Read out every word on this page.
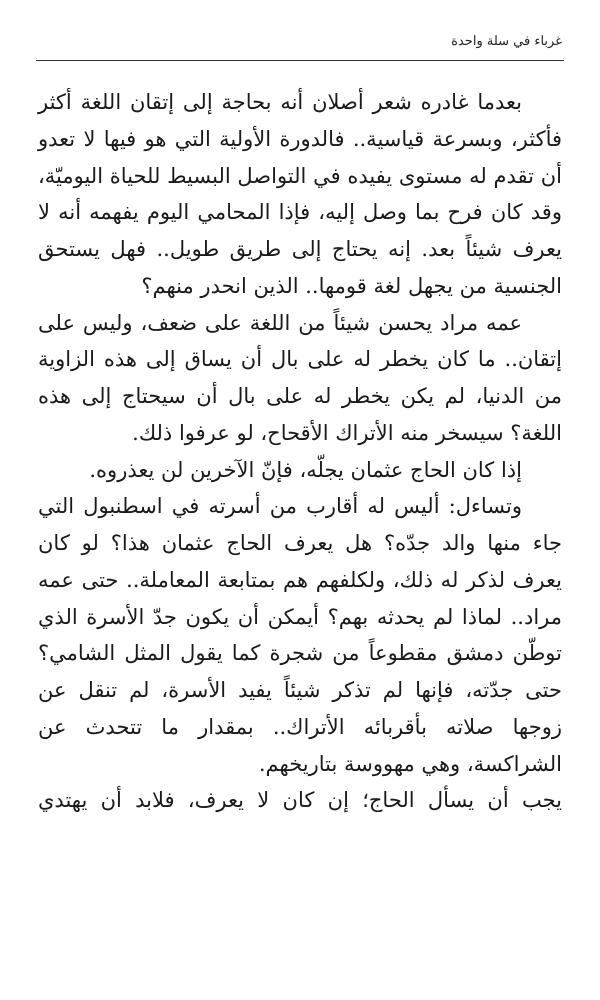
غرباء في سلة واحدة

بعدما غادره شعر أصلان أنه بحاجة إلى إتقان اللغة أكثر فأكثر، وبسرعة قياسية.. فالدورة الأولية التي هو فيها لا تعدو أن تقدم له مستوى يفيده في التواصل البسيط للحياة اليوميّة، وقد كان فرح بما وصل إليه، فإذا المحامي اليوم يفهمه أنه لا يعرف شيئاً بعد. إنه يحتاج إلى طريق طويل.. فهل يستحق الجنسية من يجهل لغة قومها.. الذين انحدر منهم؟

عمه مراد يحسن شيئاً من اللغة على ضعف، وليس على إتقان.. ما كان يخطر له على بال أن يساق إلى هذه الزاوية من الدنيا، لم يكن يخطر له على بال أن سيحتاج إلى هذه اللغة؟ سيسخر منه الأتراك الأقحاح، لو عرفوا ذلك.

إذا كان الحاج عثمان يجلّه، فإنّ الآخرين لن يعذروه.

وتساءل: أليس له أقارب من أسرته في اسطنبول التي جاء منها والد جدّه؟ هل يعرف الحاج عثمان هذا؟ لو كان يعرف لذكر له ذلك، ولكلفهم هم بمتابعة المعاملة.. حتى عمه مراد.. لماذا لم يحدثه بهم؟ أيمكن أن يكون جدّ الأسرة الذي توطّن دمشق مقطوعاً من شجرة كما يقول المثل الشامي؟ حتى جدّته، فإنها لم تذكر شيئاً يفيد الأسرة، لم تنقل عن زوجها صلاته بأقربائه الأتراك.. بمقدار ما تتحدث عن الشراكسة، وهي مهووسة بتاريخهم.

يجب أن يسأل الحاج؛ إن كان لا يعرف، فلابد أن يهتدي
